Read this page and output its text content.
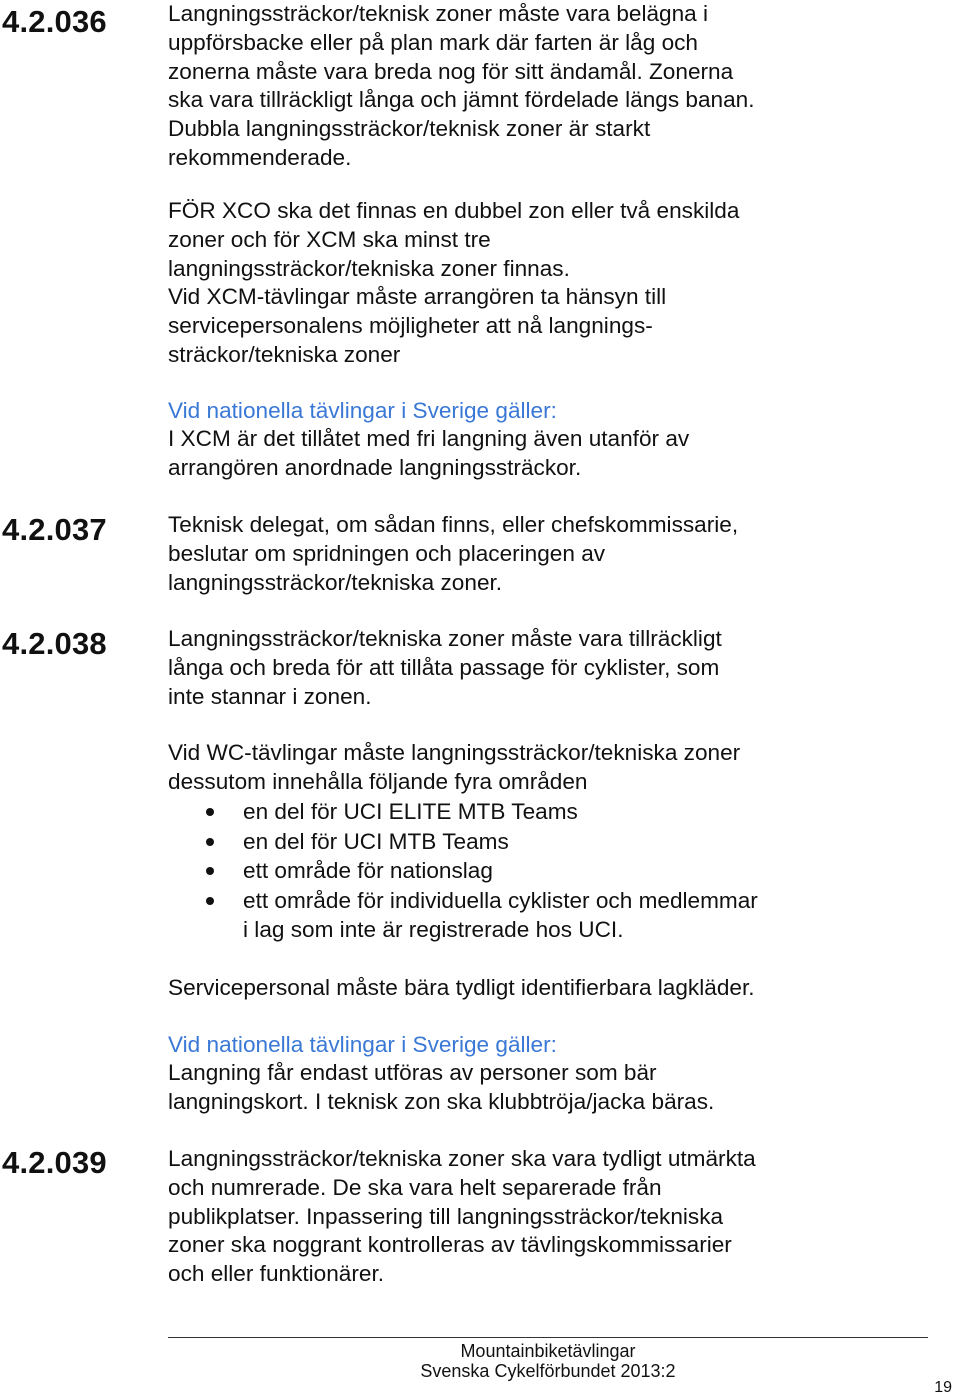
4.2.036
4.2.037
4.2.038
4.2.039
Langningssträckor/teknisk zoner måste vara belägna i
uppförsbacke eller på plan mark där farten är låg och
zonerna måste vara breda nog för sitt ändamål. Zonerna
ska vara tillräckligt långa och jämnt fördelade längs banan.
Dubbla langningssträckor/teknisk zoner är starkt
rekommenderade.
FÖR XCO ska det finnas en dubbel zon eller två enskilda
zoner och för XCM ska minst tre
langningssträckor/tekniska zoner finnas.
Vid XCM-tävlingar måste arrangören ta hänsyn till
servicepersonalens möjligheter att nå langnings-
sträckor/tekniska zoner
Vid nationella tävlingar i Sverige gäller:
I XCM är det tillåtet med fri langning även utanför av
arrangören anordnade langningssträckor.
Teknisk delegat, om sådan finns, eller chefskommissarie,
beslutar om spridningen och placeringen av
langningssträckor/tekniska zoner.
Langningssträckor/tekniska zoner måste vara tillräckligt
långa och breda för att tillåta passage för cyklister, som
inte stannar i zonen.
Vid WC-tävlingar måste langningssträckor/tekniska zoner
dessutom innehålla följande fyra områden
en del för UCI ELITE MTB Teams
en del för UCI MTB Teams
ett område för nationslag
ett område för individuella cyklister och medlemmar
i lag som inte är registrerade hos UCI.
Servicepersonal måste bära tydligt identifierbara lagkläder.
Vid nationella tävlingar i Sverige gäller:
Langning får endast utföras av personer som bär
langningskort. I teknisk zon ska klubbtröja/jacka bäras.
Langningssträckor/tekniska zoner ska vara tydligt utmärkta
och numrerade. De ska vara helt separerade från
publikplatser. Inpassering till langningssträckor/tekniska
zoner ska noggrant kontrolleras av tävlingskommissarier
och eller funktionärer.
Mountainbiketävlingar
Svenska Cykelförbundet 2013:2
19
